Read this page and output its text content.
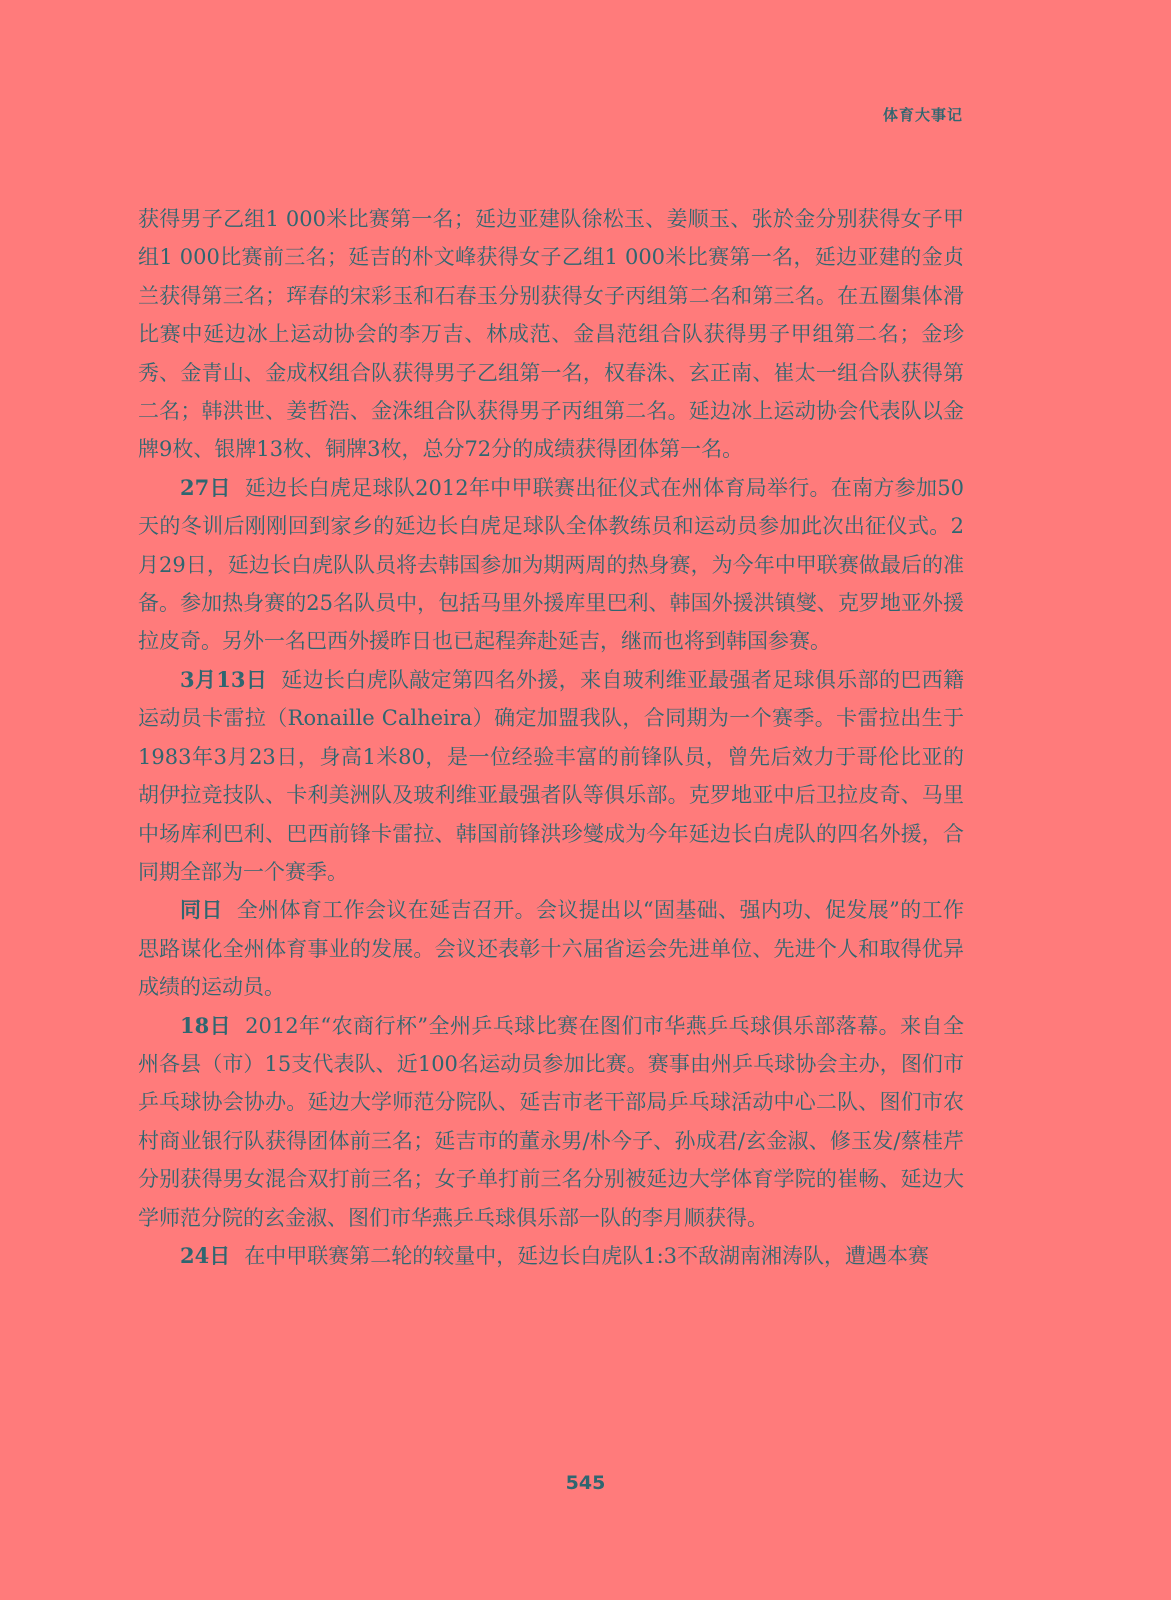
体育大事记

获得男子乙组1 000米比赛第一名；延边亚建队徐松玉、姜顺玉、张於金分别获得女子甲组1 000比赛前三名；延吉的朴文峰获得女子乙组1 000米比赛第一名，延边亚建的金贞兰获得第三名；珲春的宋彩玉和石春玉分别获得女子丙组第二名和第三名。在五圈集体滑比赛中延边冰上运动协会的李万吉、林成范、金昌范组合队获得男子甲组第二名；金珍秀、金青山、金成权组合队获得男子乙组第一名，权春洙、玄正南、崔太一组合队获得第二名；韩洪世、姜哲浩、金洙组合队获得男子丙组第二名。延边冰上运动协会代表队以金牌9枚、银牌13枚、铜牌3枚，总分72分的成绩获得团体第一名。

27日 延边长白虎足球队2012年中甲联赛出征仪式在州体育局举行。在南方参加50天的冬训后刚刚回到家乡的延边长白虎足球队全体教练员和运动员参加此次出征仪式。2月29日，延边长白虎队队员将去韩国参加为期两周的热身赛，为今年中甲联赛做最后的准备。参加热身赛的25名队员中，包括马里外援库里巴利、韩国外援洪镇燮、克罗地亚外援拉皮奇。另外一名巴西外援昨日也已起程奔赴延吉，继而也将到韩国参赛。

3月13日 延边长白虎队敲定第四名外援，来自玻利维亚最强者足球俱乐部的巴西籍运动员卡雷拉（Ronaille Calheira）确定加盟我队，合同期为一个赛季。卡雷拉出生于1983年3月23日，身高1米80，是一位经验丰富的前锋队员，曾先后效力于哥伦比亚的胡伊拉竞技队、卡利美洲队及玻利维亚最强者队等俱乐部。克罗地亚中后卫拉皮奇、马里中场库利巴利、巴西前锋卡雷拉、韩国前锋洪珍燮成为今年延边长白虎队的四名外援，合同期全部为一个赛季。

同日 全州体育工作会议在延吉召开。会议提出以“固基础、强内功、促发展”的工作思路谋化全州体育事业的发展。会议还表彰十六届省运会先进单位、先进个人和取得优异成绩的运动员。

18日 2012年“农商行杯”全州乒乓球比赛在图们市华燕乒乓球俱乐部落幕。来自全州各县（市）15支代表队、近100名运动员参加比赛。赛事由州乒乓球协会主办，图们市乒乓球协会协办。延边大学师范分院队、延吉市老干部局乒乓球活动中心二队、图们市农村商业银行队获得团体前三名；延吉市的董永男/朴今子、孙成君/玄金淑、修玉发/蔡桂芹分别获得男女混合双打前三名；女子单打前三名分别被延边大学体育学院的崔畅、延边大学师范分院的玄金淑、图们市华燕乒乓球俱乐部一队的李月顺获得。

24日 在中甲联赛第二轮的较量中，延边长白虎队1:3不敌湖南湘涛队，遭遇本赛

545
